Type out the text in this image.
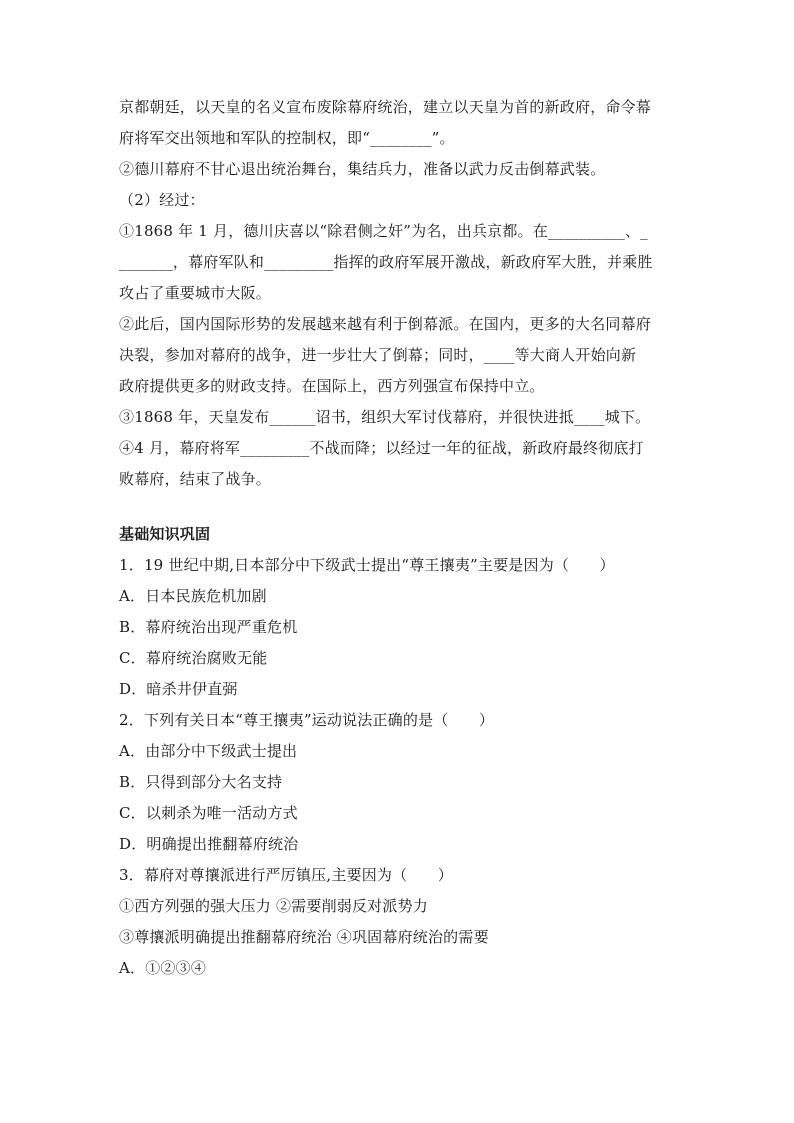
京都朝廷，以天皇的名义宣布废除幕府统治，建立以天皇为首的新政府，命令幕
府将军交出领地和军队的控制权，即“________”。
②德川幕府不甘心退出统治舞台，集结兵力，准备以武力反击倒幕武装。
（2）经过：
①1868 年 1 月，德川庆喜以“除君侧之奸”为名，出兵京都。在__________、_
_______，幕府军队和_________指挥的政府军展开激战，新政府军大胜，并乘胜
攻占了重要城市大阪。
②此后，国内国际形势的发展越来越有利于倒幕派。在国内，更多的大名同幕府
决裂，参加对幕府的战争，进一步壮大了倒幕；同时，____等大商人开始向新
政府提供更多的财政支持。在国际上，西方列强宣布保持中立。
③1868 年，天皇发布______诏书，组织大军讨伐幕府，并很快进抵____城下。
④4 月，幕府将军_________不战而降；以经过一年的征战，新政府最终彻底打
败幕府，结束了战争。
基础知识巩固
1．19 世纪中期,日本部分中下级武士提出“尊王攘夷”主要是因为（　　）
A．日本民族危机加剧
B．幕府统治出现严重危机
C．幕府统治腐败无能
D．暗杀井伊直弼
2．下列有关日本“尊王攘夷”运动说法正确的是（　　）
A．由部分中下级武士提出
B．只得到部分大名支持
C．以刺杀为唯一活动方式
D．明确提出推翻幕府统治
3．幕府对尊攘派进行严厉镇压,主要因为（　　）
①西方列强的强大压力 ②需要削弱反对派势力
③尊攘派明确提出推翻幕府统治 ④巩固幕府统治的需要
A．①②③④
